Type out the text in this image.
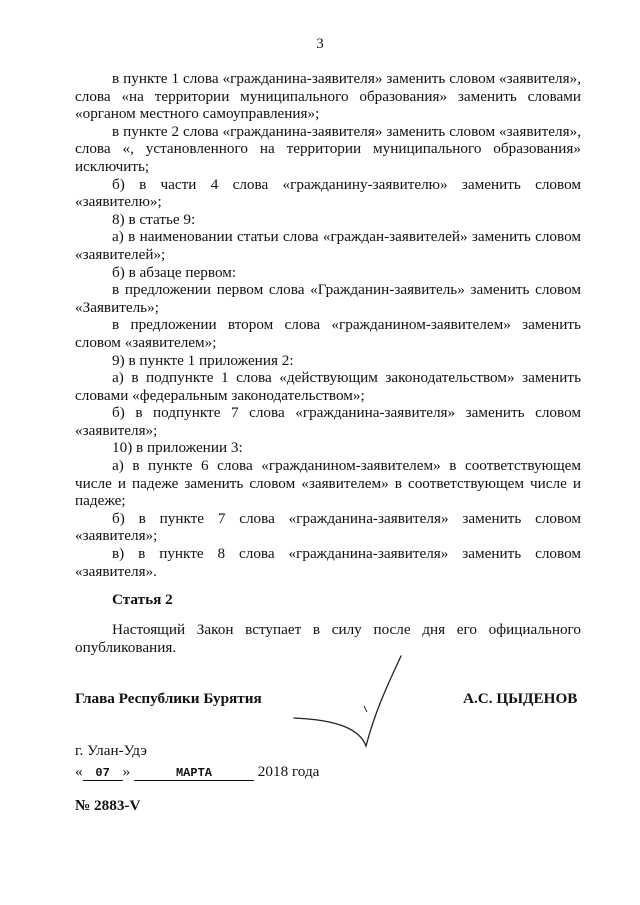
3

в пункте 1 слова «гражданина-заявителя» заменить словом «заявителя», слова «на территории муниципального образования» заменить словами «органом местного самоуправления»;

в пункте 2 слова «гражданина-заявителя» заменить словом «заявителя», слова «, установленного на территории муниципального образования» исключить;

б) в части 4 слова «гражданину-заявителю» заменить словом «заявителю»;

8) в статье 9:

а) в наименовании статьи слова «граждан-заявителей» заменить словом «заявителей»;

б) в абзаце первом:

в предложении первом слова «Гражданин-заявитель» заменить словом «Заявитель»;

в предложении втором слова «гражданином-заявителем» заменить словом «заявителем»;

9) в пункте 1 приложения 2:

а) в подпункте 1 слова «действующим законодательством» заменить словами «федеральным законодательством»;

б) в подпункте 7 слова «гражданина-заявителя» заменить словом «заявителя»;

10) в приложении 3:

а) в пункте 6 слова «гражданином-заявителем» в соответствующем числе и падеже заменить словом «заявителем» в соответствующем числе и падеже;

б) в пункте 7 слова «гражданина-заявителя» заменить словом «заявителя»;

в) в пункте 8 слова «гражданина-заявителя» заменить словом «заявителя».

Статья 2

Настоящий Закон вступает в силу после дня его официального опубликования.

Глава Республики Бурятия	А.С. ЦЫДЕНОВ
г. Улан-Удэ
« 07 »	МАРТА	2018 года
№ 2883-V
